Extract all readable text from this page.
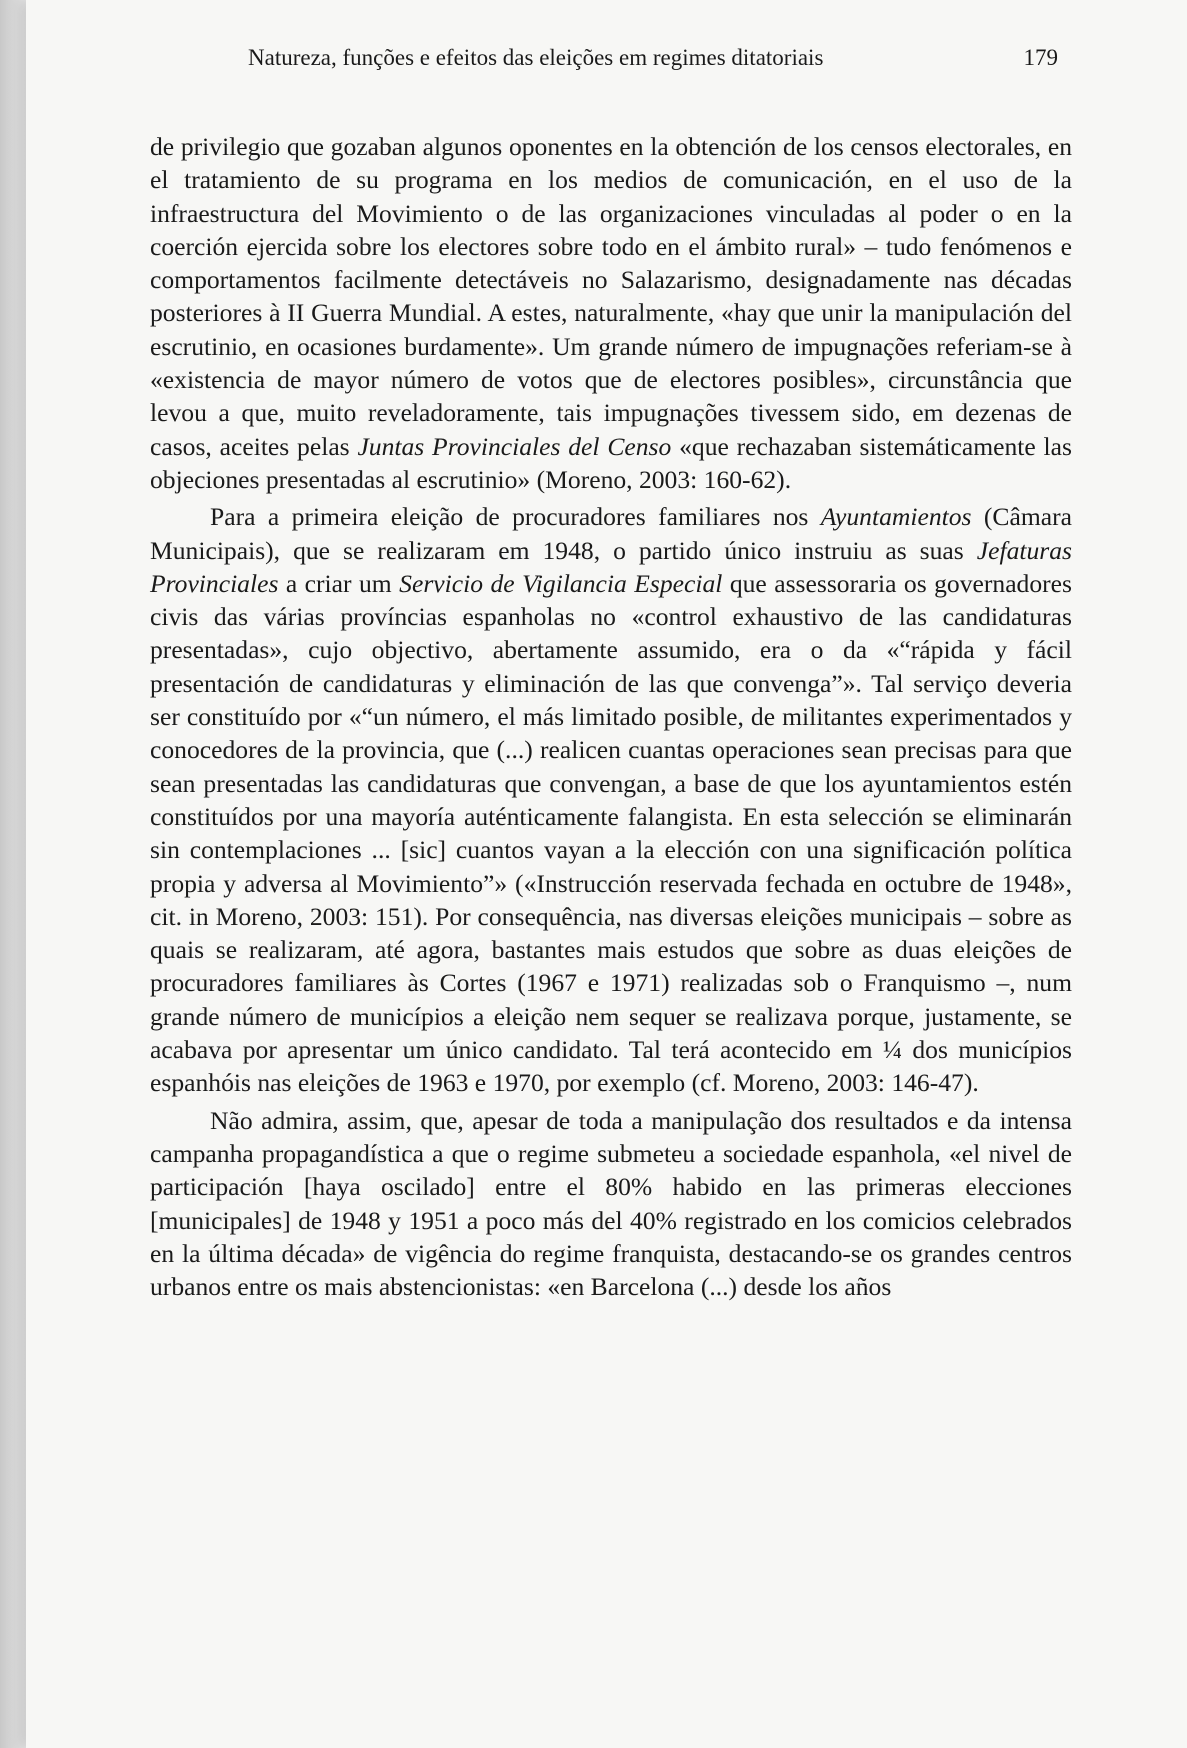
Natureza, funções e efeitos das eleições em regimes ditatoriais	179

de privilegio que gozaban algunos oponentes en la obtención de los censos electorales, en el tratamiento de su programa en los medios de comunicación, en el uso de la infraestructura del Movimiento o de las organizaciones vinculadas al poder o en la coerción ejercida sobre los electores sobre todo en el ámbito rural» – tudo fenómenos e comportamentos facilmente detectáveis no Salazarismo, designadamente nas décadas posteriores à II Guerra Mundial. A estes, naturalmente, «hay que unir la manipulación del escrutinio, en ocasiones burdamente». Um grande número de impugnações referiam-se à «existencia de mayor número de votos que de electores posibles», circunstância que levou a que, muito reveladoramente, tais impugnações tivessem sido, em dezenas de casos, aceites pelas Juntas Provinciales del Censo «que rechazaban sistemáticamente las objeciones presentadas al escrutinio» (Moreno, 2003: 160-62).

Para a primeira eleição de procuradores familiares nos Ayuntamientos (Câmara Municipais), que se realizaram em 1948, o partido único instruiu as suas Jefaturas Provinciales a criar um Servicio de Vigilancia Especial que assessoraria os governadores civis das várias províncias espanholas no «control exhaustivo de las candidaturas presentadas», cujo objectivo, abertamente assumido, era o da «“rápida y fácil presentación de candidaturas y eliminación de las que convenga”». Tal serviço deveria ser constituído por «“un número, el más limitado posible, de militantes experimentados y conocedores de la provincia, que (...) realicen cuantas operaciones sean precisas para que sean presentadas las candidaturas que convengan, a base de que los ayuntamientos estén constituídos por una mayoría auténticamente falangista. En esta selección se eliminarán sin contemplaciones ... [sic] cuantos vayan a la elección con una significación política propia y adversa al Movimiento”» («Instrucción reservada fechada en octubre de 1948», cit. in Moreno, 2003: 151). Por consequência, nas diversas eleições municipais – sobre as quais se realizaram, até agora, bastantes mais estudos que sobre as duas eleições de procuradores familiares às Cortes (1967 e 1971) realizadas sob o Franquismo –, num grande número de municípios a eleição nem sequer se realizava porque, justamente, se acabava por apresentar um único candidato. Tal terá acontecido em ¼ dos municípios espanhóis nas eleições de 1963 e 1970, por exemplo (cf. Moreno, 2003: 146-47).

Não admira, assim, que, apesar de toda a manipulação dos resultados e da intensa campanha propagandística a que o regime submeteu a sociedade espanhola, «el nivel de participación [haya oscilado] entre el 80% habido en las primeras elecciones [municipales] de 1948 y 1951 a poco más del 40% registrado en los comicios celebrados en la última década» de vigência do regime franquista, destacando-se os grandes centros urbanos entre os mais abstencionistas: «en Barcelona (...) desde los años
